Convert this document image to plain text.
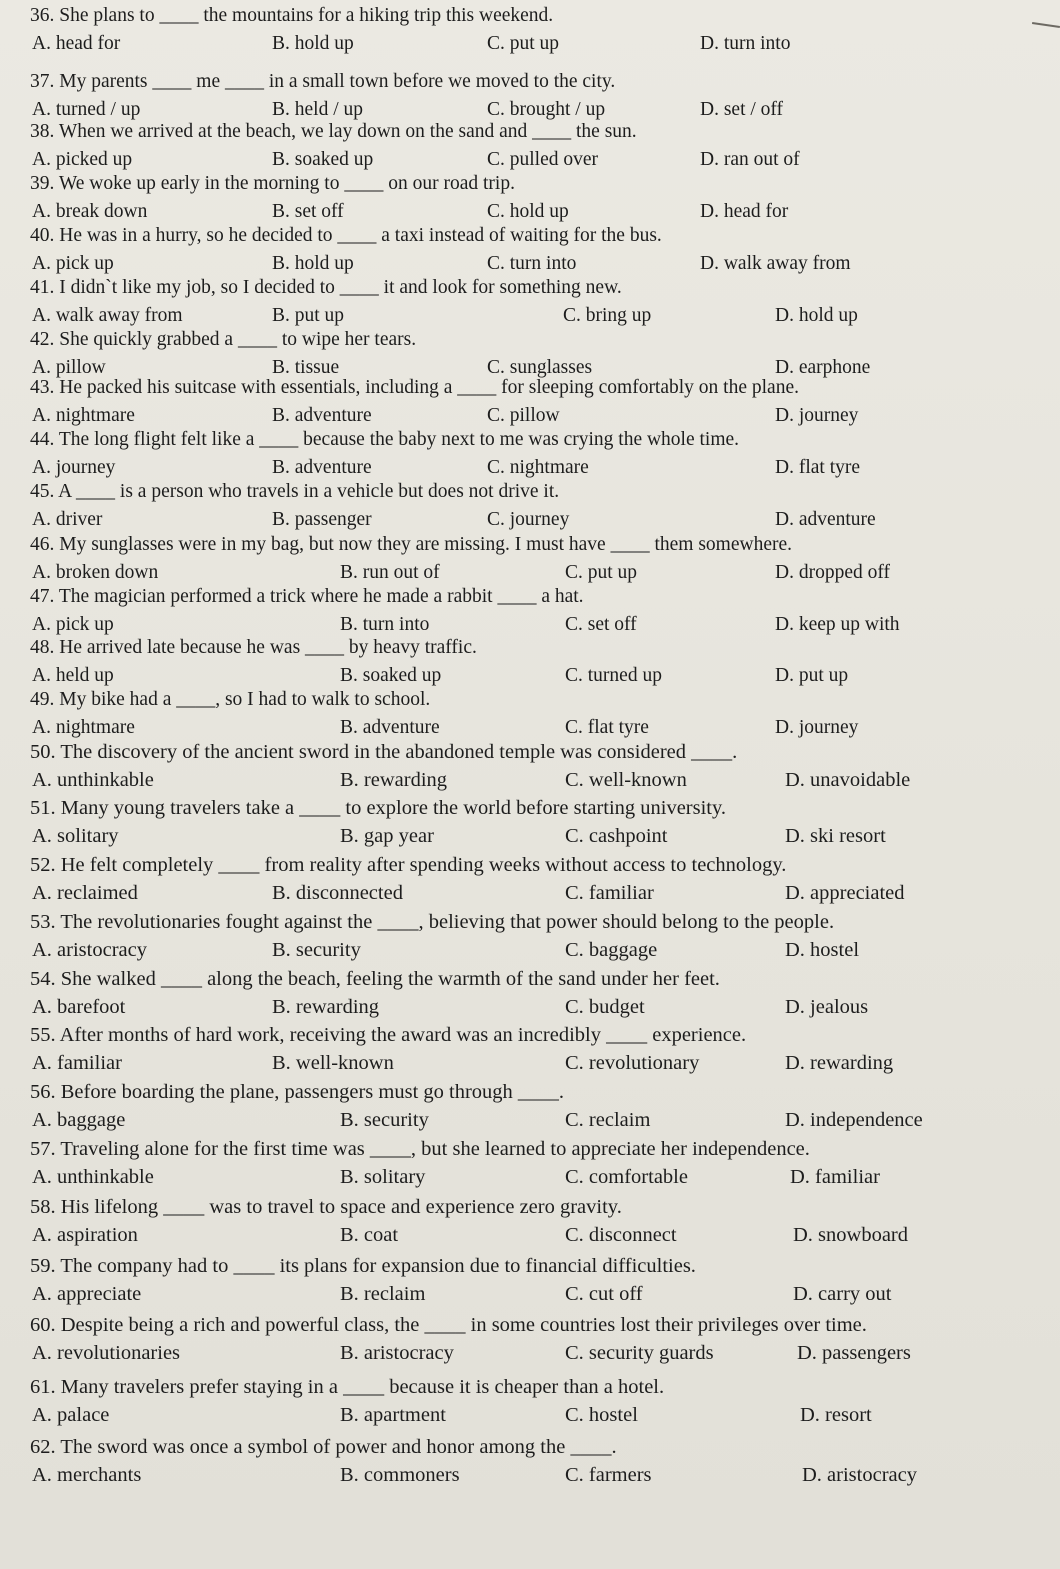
36. She plans to ____ the mountains for a hiking trip this weekend.
A. head for	B. hold up	C. put up	D. turn into
37. My parents ____ me ____ in a small town before we moved to the city.
A. turned / up	B. held / up	C. brought / up	D. set / off
38. When we arrived at the beach, we lay down on the sand and ____ the sun.
A. picked up	B. soaked up	C. pulled over	D. ran out of
39. We woke up early in the morning to ____ on our road trip.
A. break down	B. set off	C. hold up	D. head for
40. He was in a hurry, so he decided to ____ a taxi instead of waiting for the bus.
A. pick up	B. hold up	C. turn into	D. walk away from
41. I didn`t like my job, so I decided to ____ it and look for something new.
A. walk away from	B. put up	C. bring up	D. hold up
42. She quickly grabbed a ____ to wipe her tears.
A. pillow	B. tissue	C. sunglasses	D. earphone
43. He packed his suitcase with essentials, including a ____ for sleeping comfortably on the plane.
A. nightmare	B. adventure	C. pillow	D. journey
44. The long flight felt like a ____ because the baby next to me was crying the whole time.
A. journey	B. adventure	C. nightmare	D. flat tyre
45. A ____ is a person who travels in a vehicle but does not drive it.
A. driver	B. passenger	C. journey	D. adventure
46. My sunglasses were in my bag, but now they are missing. I must have ____ them somewhere.
A. broken down	B. run out of	C. put up	D. dropped off
47. The magician performed a trick where he made a rabbit ____ a hat.
A. pick up	B. turn into	C. set off	D. keep up with
48. He arrived late because he was ____ by heavy traffic.
A. held up	B. soaked up	C. turned up	D. put up
49. My bike had a ____, so I had to walk to school.
A. nightmare	B. adventure	C. flat tyre	D. journey
50. The discovery of the ancient sword in the abandoned temple was considered ____.
A. unthinkable	B. rewarding	C. well-known	D. unavoidable
51. Many young travelers take a ____ to explore the world before starting university.
A. solitary	B. gap year	C. cashpoint	D. ski resort
52. He felt completely ____ from reality after spending weeks without access to technology.
A. reclaimed	B. disconnected	C. familiar	D. appreciated
53. The revolutionaries fought against the ____, believing that power should belong to the people.
A. aristocracy	B. security	C. baggage	D. hostel
54. She walked ____ along the beach, feeling the warmth of the sand under her feet.
A. barefoot	B. rewarding	C. budget	D. jealous
55. After months of hard work, receiving the award was an incredibly ____ experience.
A. familiar	B. well-known	C. revolutionary	D. rewarding
56. Before boarding the plane, passengers must go through ____.
A. baggage	B. security	C. reclaim	D. independence
57. Traveling alone for the first time was ____, but she learned to appreciate her independence.
A. unthinkable	B. solitary	C. comfortable	D. familiar
58. His lifelong ____ was to travel to space and experience zero gravity.
A. aspiration	B. coat	C. disconnect	D. snowboard
59. The company had to ____ its plans for expansion due to financial difficulties.
A. appreciate	B. reclaim	C. cut off	D. carry out
60. Despite being a rich and powerful class, the ____ in some countries lost their privileges over time.
A. revolutionaries	B. aristocracy	C. security guards	D. passengers
61. Many travelers prefer staying in a ____ because it is cheaper than a hotel.
A. palace	B. apartment	C. hostel	D. resort
62. The sword was once a symbol of power and honor among the ____.
A. merchants	B. commoners	C. farmers	D. aristocracy
